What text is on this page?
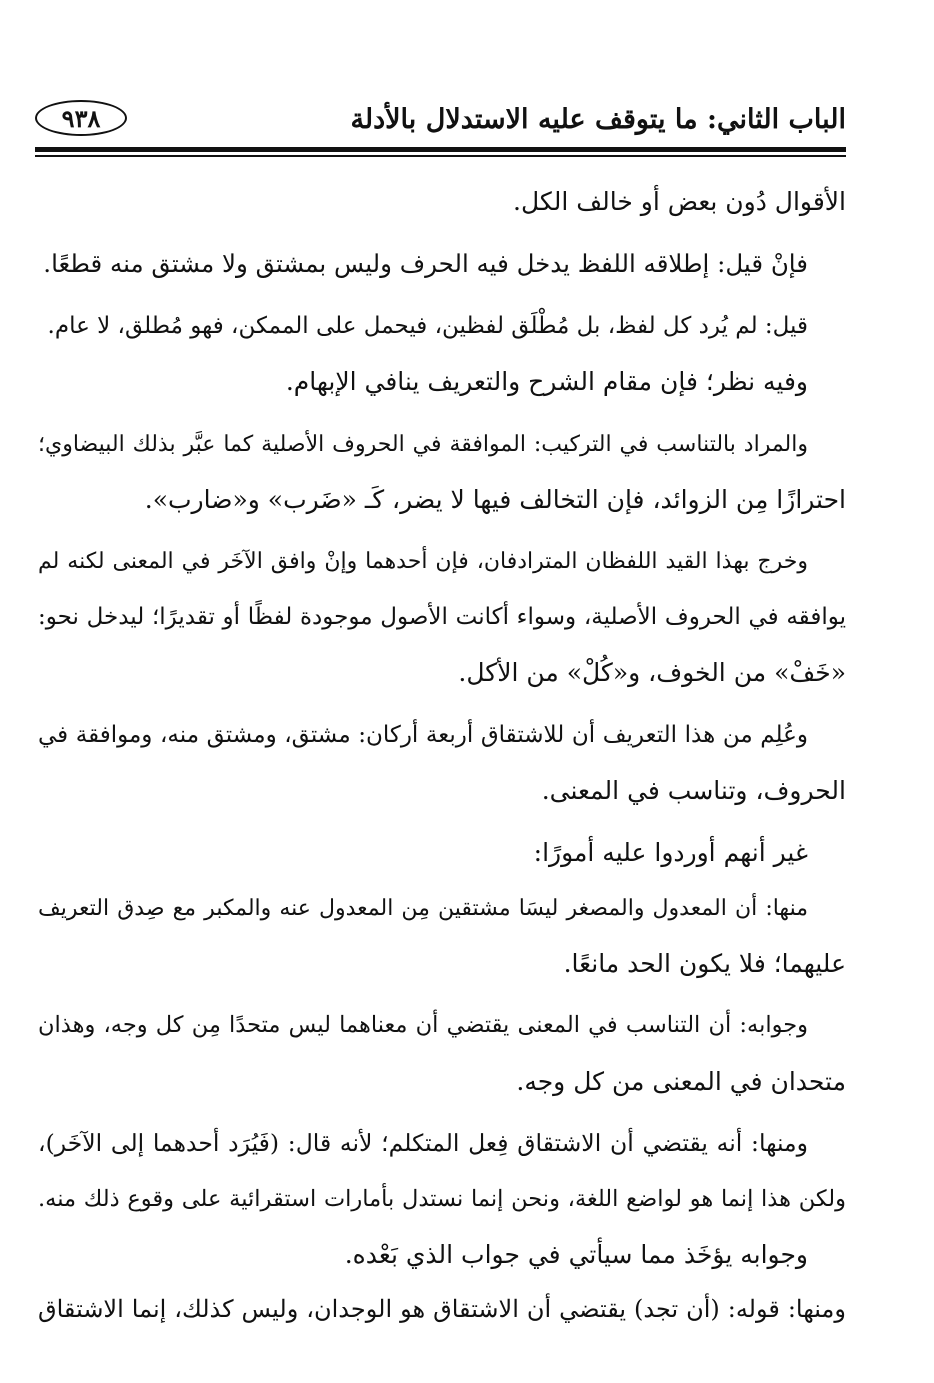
الباب الثاني: ما يتوقف عليه الاستدلال بالأدلة
٩٣٨
الأقوال دُون بعض أو خالف الكل.
فإنْ قيل: إطلاقه اللفظ يدخل فيه الحرف وليس بمشتق ولا مشتق منه قطعًا.
قيل: لم يُرد كل لفظ، بل مُطْلَق لفظين، فيحمل على الممكن، فهو مُطلق، لا عام.
وفيه نظر؛ فإن مقام الشرح والتعريف ينافي الإبهام.
والمراد بالتناسب في التركيب: الموافقة في الحروف الأصلية كما عبَّر بذلك البيضاوي؛
احترازًا مِن الزوائد، فإن التخالف فيها لا يضر، كَـ «ضَرب» و«ضارب».
وخرج بهذا القيد اللفظان المترادفان، فإن أحدهما وإنْ وافق الآخَر في المعنى لكنه لم
يوافقه في الحروف الأصلية، وسواء أكانت الأصول موجودة لفظًا أو تقديرًا؛ ليدخل نحو:
«خَفْ» من الخوف، و«كُلْ» من الأكل.
وعُلِم من هذا التعريف أن للاشتقاق أربعة أركان: مشتق، ومشتق منه، وموافقة في
الحروف، وتناسب في المعنى.
غير أنهم أوردوا عليه أمورًا:
منها: أن المعدول والمصغر ليسَا مشتقين مِن المعدول عنه والمكبر مع صِدق التعريف
عليهما؛ فلا يكون الحد مانعًا.
وجوابه: أن التناسب في المعنى يقتضي أن معناهما ليس متحدًا مِن كل وجه، وهذان
متحدان في المعنى من كل وجه.
ومنها: أنه يقتضي أن الاشتقاق فِعل المتكلم؛ لأنه قال: (فَيُرَد أحدهما إلى الآخَر)،
ولكن هذا إنما هو لواضع اللغة، ونحن إنما نستدل بأمارات استقرائية على وقوع ذلك منه.
وجوابه يؤخَذ مما سيأتي في جواب الذي بَعْده.
ومنها: قوله: (أن تجد) يقتضي أن الاشتقاق هو الوجدان، وليس كذلك، إنما الاشتقاق
